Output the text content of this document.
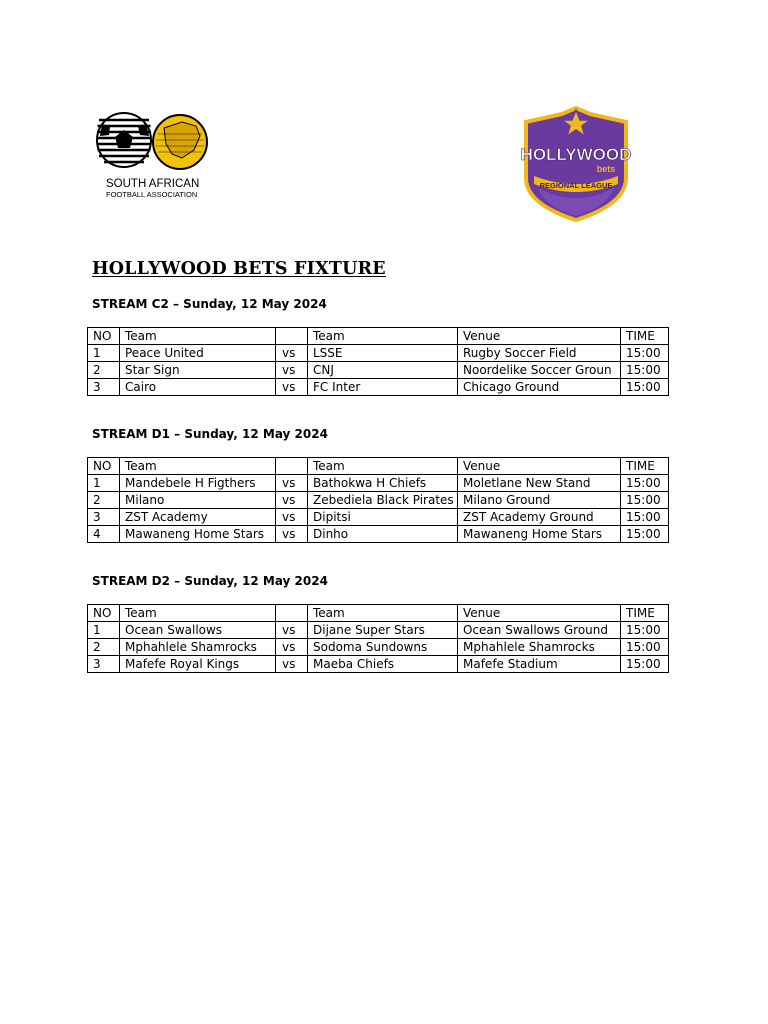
SOUTH AFRICAN
FOOTBALL ASSOCIATION
HOLLYWOOD
bets
REGIONAL LEAGUE
HOLLYWOOD BETS FIXTURE

STREAM C2 – Sunday, 12 May 2024

NO	Team		Team	Venue	TIME
1	Peace United	vs	LSSE	Rugby Soccer Field	15:00
2	Star Sign	vs	CNJ	Noordelike Soccer Groun	15:00
3	Cairo	vs	FC Inter	Chicago Ground	15:00

STREAM D1 – Sunday, 12 May 2024

NO	Team		Team	Venue	TIME
1	Mandebele H Figthers	vs	Bathokwa H Chiefs	Moletlane New Stand	15:00
2	Milano	vs	Zebediela Black Pirates	Milano Ground	15:00
3	ZST Academy	vs	Dipitsi	ZST Academy Ground	15:00
4	Mawaneng Home Stars	vs	Dinho	Mawaneng Home Stars	15:00

STREAM D2 – Sunday, 12 May 2024

NO	Team		Team	Venue	TIME
1	Ocean Swallows	vs	Dijane Super Stars	Ocean Swallows Ground	15:00
2	Mphahlele Shamrocks	vs	Sodoma Sundowns	Mphahlele Shamrocks	15:00
3	Mafefe Royal Kings	vs	Maeba Chiefs	Mafefe Stadium	15:00
